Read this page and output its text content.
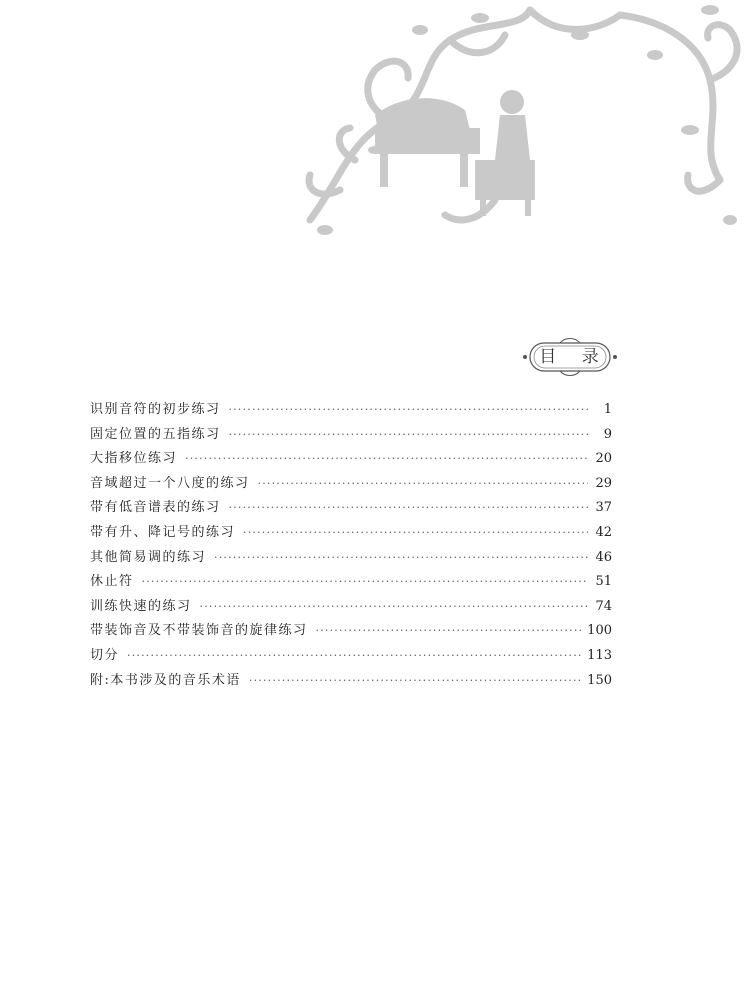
目 录
识别音符的初步练习 ·····	1
固定位置的五指练习 ·····	9
大指移位练习 ·····	20
音域超过一个八度的练习 ·····	29
带有低音谱表的练习 ·····	37
带有升、降记号的练习 ·····	42
其他简易调的练习 ·····	46
休止符 ·····	51
训练快速的练习 ·····	74
带装饰音及不带装饰音的旋律练习 ·····	100
切分 ·····	113
附:本书涉及的音乐术语 ·····	150
